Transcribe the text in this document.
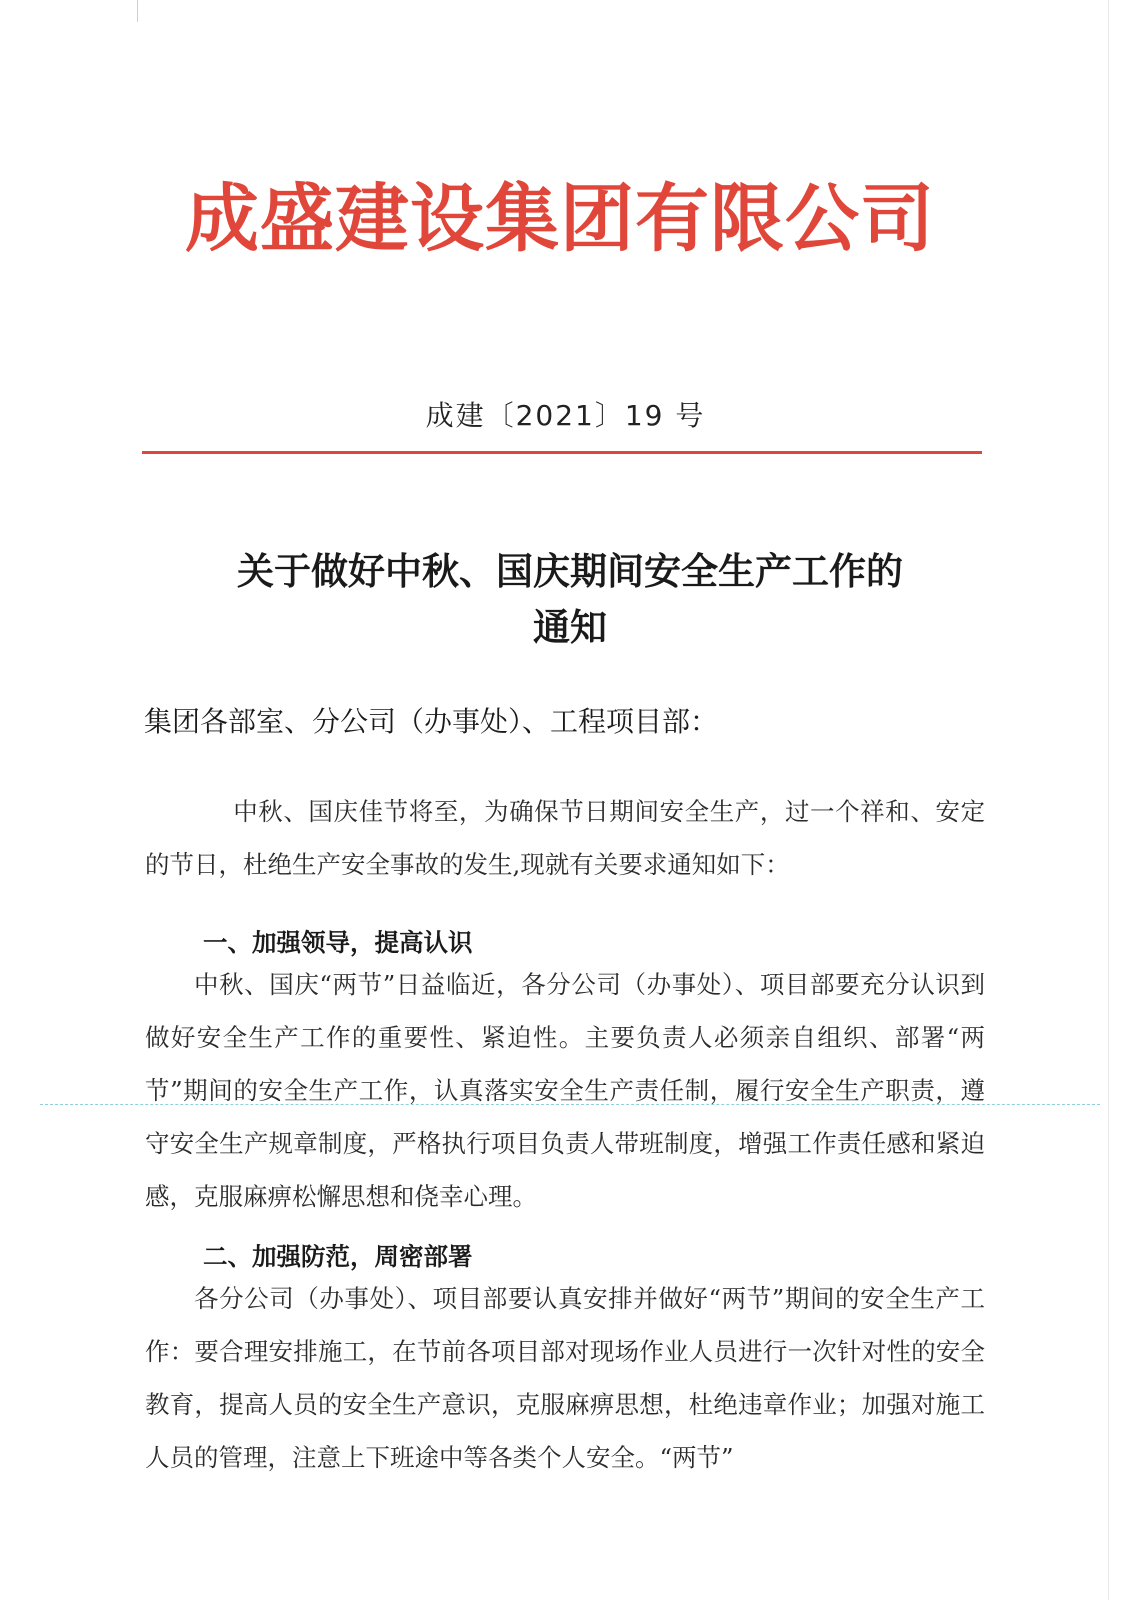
成盛建设集团有限公司
成建〔2021〕19 号
关于做好中秋、国庆期间安全生产工作的
通知
集团各部室、分公司（办事处）、工程项目部：
中秋、国庆佳节将至，为确保节日期间安全生产，过一个祥和、安定的节日，杜绝生产安全事故的发生,现就有关要求通知如下：
一、加强领导，提高认识
中秋、国庆“两节”日益临近，各分公司（办事处）、项目部要充分认识到做好安全生产工作的重要性、紧迫性。主要负责人必须亲自组织、部署“两节”期间的安全生产工作，认真落实安全生产责任制，履行安全生产职责，遵守安全生产规章制度，严格执行项目负责人带班制度，增强工作责任感和紧迫感，克服麻痹松懈思想和侥幸心理。
二、加强防范，周密部署
各分公司（办事处）、项目部要认真安排并做好“两节”期间的安全生产工作：要合理安排施工，在节前各项目部对现场作业人员进行一次针对性的安全教育，提高人员的安全生产意识，克服麻痹思想，杜绝违章作业；加强对施工人员的管理，注意上下班途中等各类个人安全。“两节”
